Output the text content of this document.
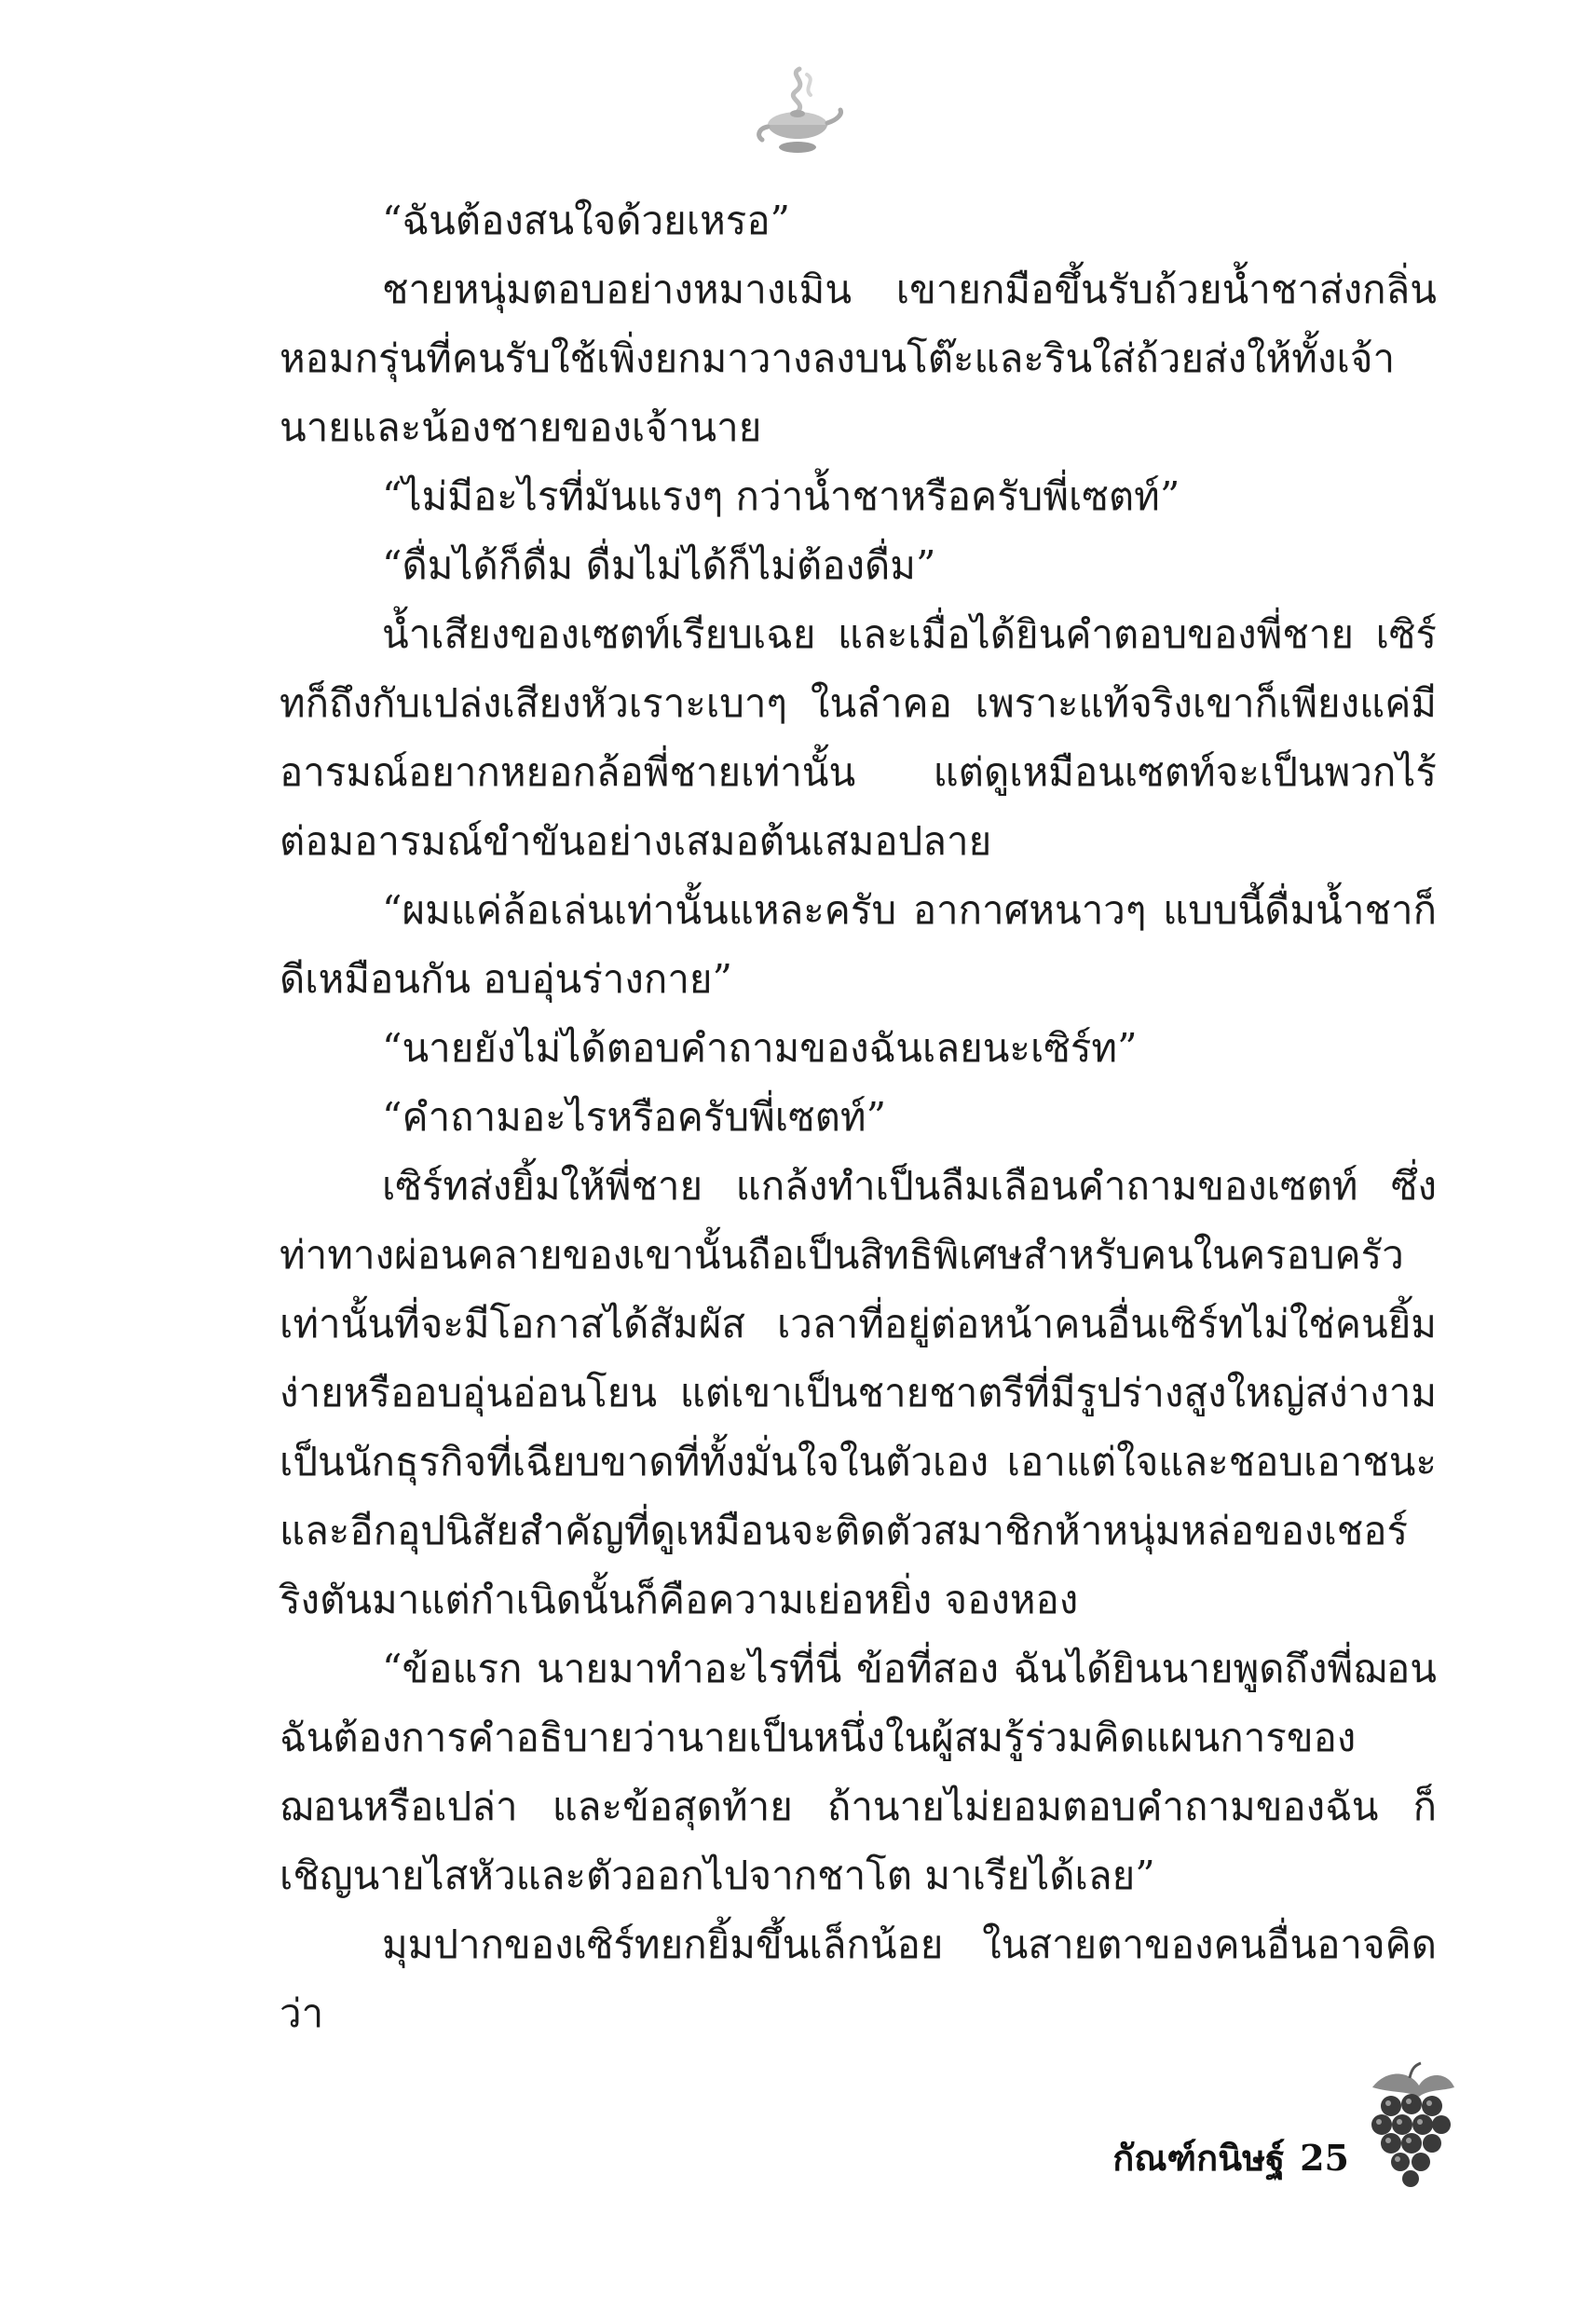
“ฉันต้องสนใจด้วยเหรอ”

ชายหนุ่มตอบอย่างหมางเมิน เขายกมือขึ้นรับถ้วยน้ำชาส่งกลิ่นหอมกรุ่นที่คนรับใช้เพิ่งยกมาวางลงบนโต๊ะและรินใส่ถ้วยส่งให้ทั้งเจ้านายและน้องชายของเจ้านาย

“ไม่มีอะไรที่มันแรงๆ กว่าน้ำชาหรือครับพี่เซตท์”

“ดื่มได้ก็ดื่ม ดื่มไม่ได้ก็ไม่ต้องดื่ม”

น้ำเสียงของเซตท์เรียบเฉย และเมื่อได้ยินคำตอบของพี่ชาย เซิร์ทก็ถึงกับเปล่งเสียงหัวเราะเบาๆ ในลำคอ เพราะแท้จริงเขาก็เพียงแค่มีอารมณ์อยากหยอกล้อพี่ชายเท่านั้น แต่ดูเหมือนเซตท์จะเป็นพวกไร้ต่อมอารมณ์ขำขันอย่างเสมอต้นเสมอปลาย

“ผมแค่ล้อเล่นเท่านั้นแหละครับ อากาศหนาวๆ แบบนี้ดื่มน้ำชาก็ดีเหมือนกัน อบอุ่นร่างกาย”

“นายยังไม่ได้ตอบคำถามของฉันเลยนะเซิร์ท”

“คำถามอะไรหรือครับพี่เซตท์”

เซิร์ทส่งยิ้มให้พี่ชาย แกล้งทำเป็นลืมเลือนคำถามของเซตท์ ซึ่งท่าทางผ่อนคลายของเขานั้นถือเป็นสิทธิพิเศษสำหรับคนในครอบครัวเท่านั้นที่จะมีโอกาสได้สัมผัส เวลาที่อยู่ต่อหน้าคนอื่นเซิร์ทไม่ใช่คนยิ้มง่ายหรืออบอุ่นอ่อนโยน แต่เขาเป็นชายชาตรีที่มีรูปร่างสูงใหญ่สง่างาม เป็นนักธุรกิจที่เฉียบขาดที่ทั้งมั่นใจในตัวเอง เอาแต่ใจและชอบเอาชนะ และอีกอุปนิสัยสำคัญที่ดูเหมือนจะติดตัวสมาชิกห้าหนุ่มหล่อของเชอร์ริงตันมาแต่กำเนิดนั้นก็คือความเย่อหยิ่ง จองหอง

“ข้อแรก นายมาทำอะไรที่นี่ ข้อที่สอง ฉันได้ยินนายพูดถึงพี่ฌอน ฉันต้องการคำอธิบายว่านายเป็นหนึ่งในผู้สมรู้ร่วมคิดแผนการของฌอนหรือเปล่า และข้อสุดท้าย ถ้านายไม่ยอมตอบคำถามของฉัน ก็เชิญนายไสหัวและตัวออกไปจากชาโต มาเรียได้เลย”

มุมปากของเซิร์ทยกยิ้มขึ้นเล็กน้อย ในสายตาของคนอื่นอาจคิดว่า

กัณฑ์กนิษฐ์ 25
